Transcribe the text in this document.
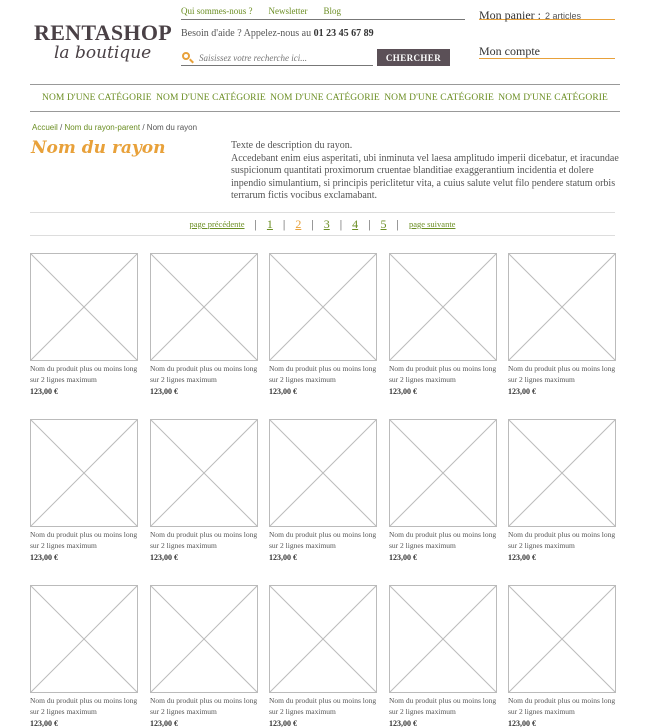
RENTASHOP
la boutique
Qui sommes-nous ? Newsletter Blog
Besoin d'aide ? Appelez-nous au 01 23 45 67 89
Saisissez votre recherche ici...
CHERCHER
Mon panier : 2 articles
Mon compte
NOM D'UNE CATÉGORIE NOM D'UNE CATÉGORIE NOM D'UNE CATÉGORIE NOM D'UNE CATÉGORIE NOM D'UNE CATÉGORIE
Accueil / Nom du rayon-parent / Nom du rayon
Nom du rayon	Texte de description du rayon.
Accedebant enim eius asperitati, ubi inminuta vel laesa amplitudo imperii dicebatur, et iracundae suspicionum quantitati proximorum cruentae blanditiae exaggerantium incidentia et dolere inpendio simulantium, si principis periclitetur vita, a cuius salute velut filo pendere statum orbis terrarum fictis vocibus exclamabant.
page précédente | 1 | 2 | 3 | 4 | 5 | page suivante
Nom du produit plus ou moins long sur 2 lignes maximum
123,00 €
Nom du produit plus ou moins long sur 2 lignes maximum
123,00 €
Nom du produit plus ou moins long sur 2 lignes maximum
123,00 €
Nom du produit plus ou moins long sur 2 lignes maximum
123,00 €
Nom du produit plus ou moins long sur 2 lignes maximum
123,00 €
Nom du produit plus ou moins long sur 2 lignes maximum
123,00 €
Nom du produit plus ou moins long sur 2 lignes maximum
123,00 €
Nom du produit plus ou moins long sur 2 lignes maximum
123,00 €
Nom du produit plus ou moins long sur 2 lignes maximum
123,00 €
Nom du produit plus ou moins long sur 2 lignes maximum
123,00 €
Nom du produit plus ou moins long sur 2 lignes maximum
123,00 €
Nom du produit plus ou moins long sur 2 lignes maximum
123,00 €
Nom du produit plus ou moins long sur 2 lignes maximum
123,00 €
Nom du produit plus ou moins long sur 2 lignes maximum
123,00 €
Nom du produit plus ou moins long sur 2 lignes maximum
123,00 €
